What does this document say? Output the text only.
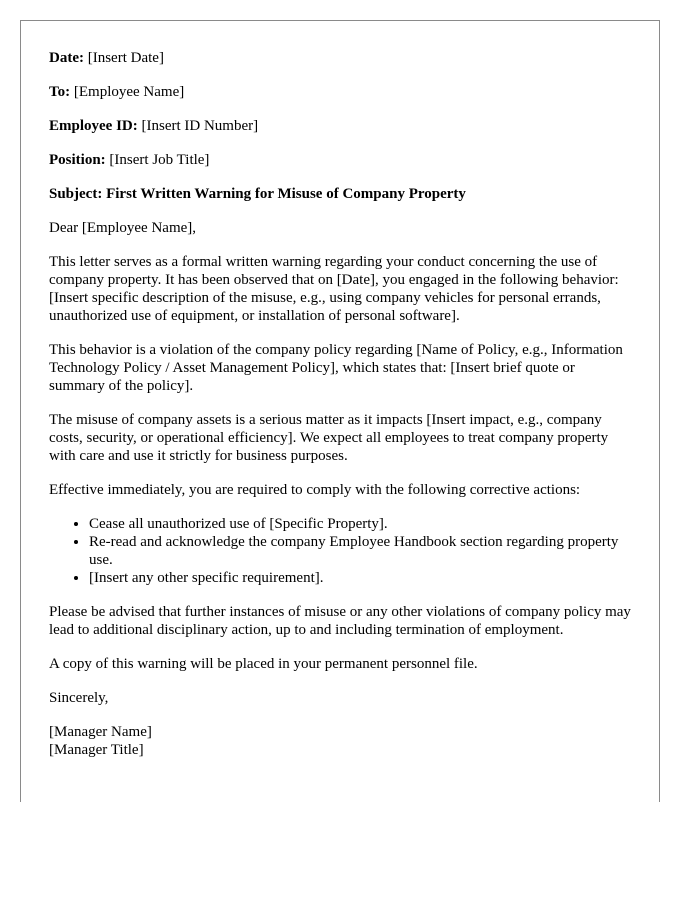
Date: [Insert Date]
To: [Employee Name]
Employee ID: [Insert ID Number]
Position: [Insert Job Title]
Subject: First Written Warning for Misuse of Company Property

Dear [Employee Name],

This letter serves as a formal written warning regarding your conduct concerning the use of company property. It has been observed that on [Date], you engaged in the following behavior: [Insert specific description of the misuse, e.g., using company vehicles for personal errands, unauthorized use of equipment, or installation of personal software].

This behavior is a violation of the company policy regarding [Name of Policy, e.g., Information Technology Policy / Asset Management Policy], which states that: [Insert brief quote or summary of the policy].

The misuse of company assets is a serious matter as it impacts [Insert impact, e.g., company costs, security, or operational efficiency]. We expect all employees to treat company property with care and use it strictly for business purposes.

Effective immediately, you are required to comply with the following corrective actions:

• Cease all unauthorized use of [Specific Property].
• Re-read and acknowledge the company Employee Handbook section regarding property use.
• [Insert any other specific requirement].

Please be advised that further instances of misuse or any other violations of company policy may lead to additional disciplinary action, up to and including termination of employment.

A copy of this warning will be placed in your permanent personnel file.

Sincerely,

[Manager Name]
[Manager Title]
